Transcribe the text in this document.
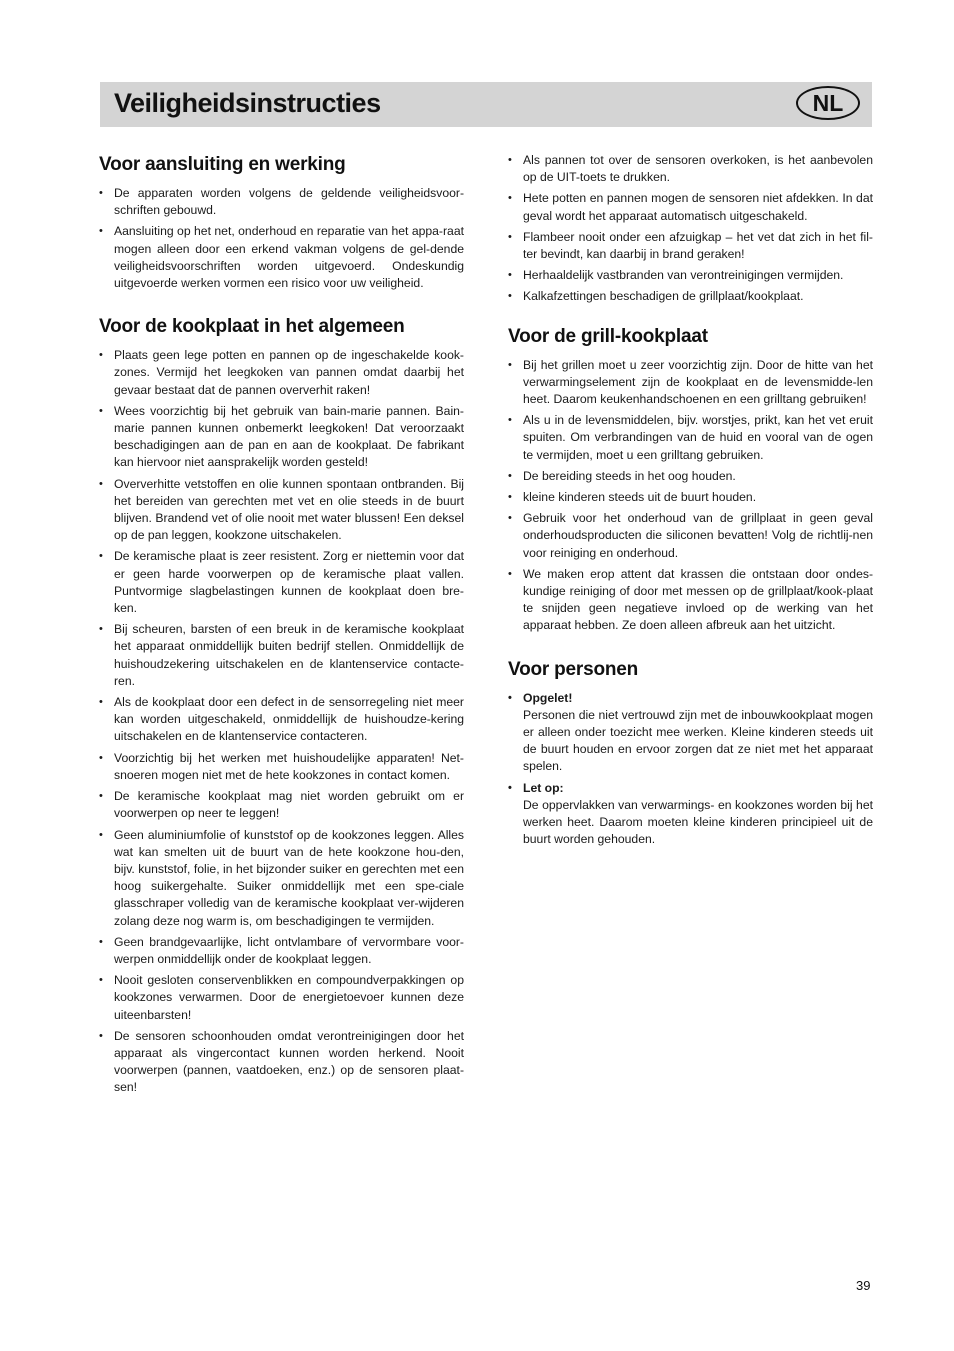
Veiligheidsinstructies	NL
Voor aansluiting en werking
• De apparaten worden volgens de geldende veiligheidsvoor-schriften gebouwd.
• Aansluiting op het net, onderhoud en reparatie van het appa-raat mogen alleen door een erkend vakman volgens de gel-dende veiligheidsvoorschriften worden uitgevoerd. Ondeskundig uitgevoerde werken vormen een risico voor uw veiligheid.
Voor de kookplaat in het algemeen
• Plaats geen lege potten en pannen op de ingeschakelde kook-zones. Vermijd het leegkoken van pannen omdat daarbij het gevaar bestaat dat de pannen oververhit raken!
• Wees voorzichtig bij het gebruik van bain-marie pannen. Bain-marie pannen kunnen onbemerkt leegkoken! Dat veroorzaakt beschadigingen aan de pan en aan de kookplaat. De fabrikant kan hiervoor niet aansprakelijk worden gesteld!
• Oververhitte vetstoffen en olie kunnen spontaan ontbranden. Bij het bereiden van gerechten met vet en olie steeds in de buurt blijven. Brandend vet of olie nooit met water blussen! Een deksel op de pan leggen, kookzone uitschakelen.
• De keramische plaat is zeer resistent. Zorg er niettemin voor dat er geen harde voorwerpen op de keramische plaat vallen. Puntvormige slagbelastingen kunnen de kookplaat doen bre-ken.
• Bij scheuren, barsten of een breuk in de keramische kookplaat het apparaat onmiddellijk buiten bedrijf stellen. Onmiddellijk de huishoudzekering uitschakelen en de klantenservice contacte-ren.
• Als de kookplaat door een defect in de sensorregeling niet meer kan worden uitgeschakeld, onmiddellijk de huishoudze-kering uitschakelen en de klantenservice contacteren.
• Voorzichtig bij het werken met huishoudelijke apparaten! Net-snoeren mogen niet met de hete kookzones in contact komen.
• De keramische kookplaat mag niet worden gebruikt om er voorwerpen op neer te leggen!
• Geen aluminiumfolie of kunststof op de kookzones leggen. Alles wat kan smelten uit de buurt van de hete kookzone hou-den, bijv. kunststof, folie, in het bijzonder suiker en gerechten met een hoog suikergehalte. Suiker onmiddellijk met een spe-ciale glasschraper volledig van de keramische kookplaat ver-wijderen zolang deze nog warm is, om beschadigingen te vermijden.
• Geen brandgevaarlijke, licht ontvlambare of vervormbare voor-werpen onmiddellijk onder de kookplaat leggen.
• Nooit gesloten conservenblikken en compoundverpakkingen op kookzones verwarmen. Door de energietoevoer kunnen deze uiteenbarsten!
• De sensoren schoonhouden omdat verontreinigingen door het apparaat als vingercontact kunnen worden herkend. Nooit voorwerpen (pannen, vaatdoeken, enz.) op de sensoren plaat-sen!
• Als pannen tot over de sensoren overkoken, is het aanbevolen op de UIT-toets te drukken.
• Hete potten en pannen mogen de sensoren niet afdekken. In dat geval wordt het apparaat automatisch uitgeschakeld.
• Flambeer nooit onder een afzuigkap – het vet dat zich in het fil-ter bevindt, kan daarbij in brand geraken!
• Herhaaldelijk vastbranden van verontreinigingen vermijden.
• Kalkafzettingen beschadigen de grillplaat/kookplaat.
Voor de grill-kookplaat
• Bij het grillen moet u zeer voorzichtig zijn. Door de hitte van het verwarmingselement zijn de kookplaat en de levensmidde-len heet. Daarom keukenhandschoenen en een grilltang gebruiken!
• Als u in de levensmiddelen, bijv. worstjes, prikt, kan het vet eruit spuiten. Om verbrandingen van de huid en vooral van de ogen te vermijden, moet u een grilltang gebruiken.
• De bereiding steeds in het oog houden.
• kleine kinderen steeds uit de buurt houden.
• Gebruik voor het onderhoud van de grillplaat in geen geval onderhoudsproducten die siliconen bevatten! Volg de richtlij-nen voor reiniging en onderhoud.
• We maken erop attent dat krassen die ontstaan door ondes-kundige reiniging of door met messen op de grillplaat/kook-plaat te snijden geen negatieve invloed op de werking van het apparaat hebben. Ze doen alleen afbreuk aan het uitzicht.
Voor personen
• Opgelet!
Personen die niet vertrouwd zijn met de inbouwkookplaat mogen er alleen onder toezicht mee werken. Kleine kinderen steeds uit de buurt houden en ervoor zorgen dat ze niet met het apparaat spelen.
• Let op:
De oppervlakken van verwarmings- en kookzones worden bij het werken heet. Daarom moeten kleine kinderen principieel uit de buurt worden gehouden.
39
